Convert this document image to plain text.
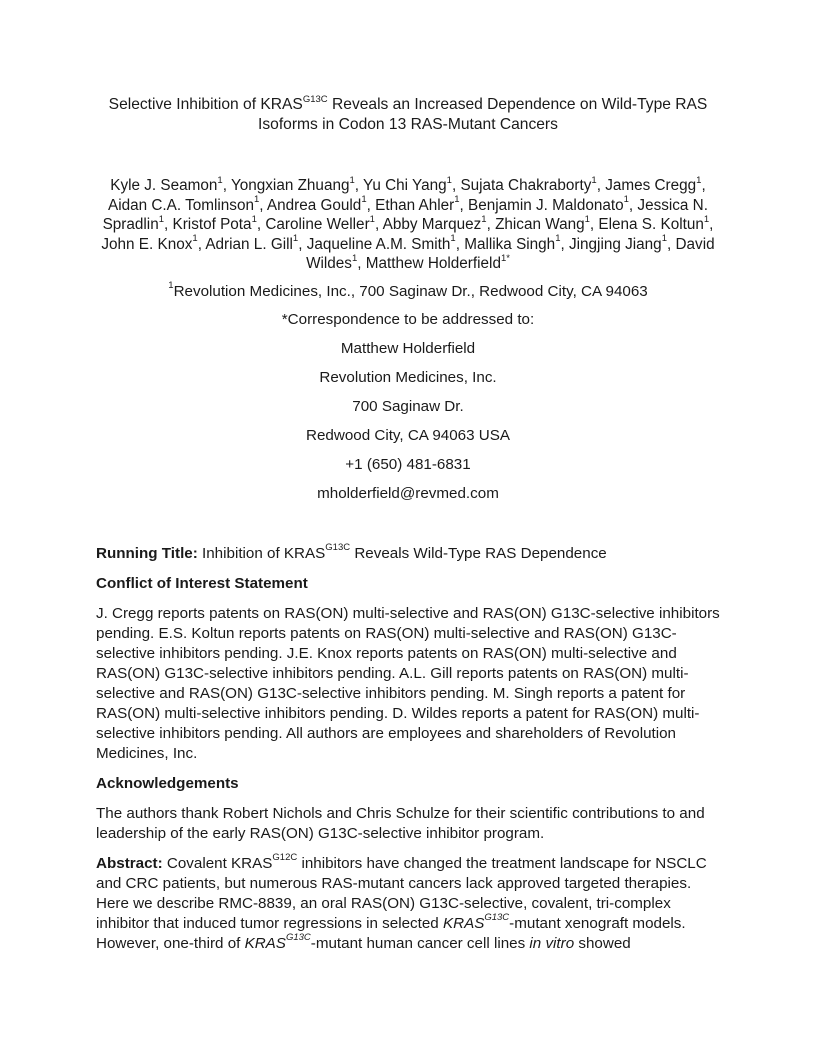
Selective Inhibition of $KRAS^{G13C}$ Reveals an Increased Dependence on Wild-Type RAS Isoforms in Codon 13 RAS-Mutant Cancers

Kyle J. Seamon$^1$, Yongxian Zhuang$^1$, Yu Chi Yang$^1$, Sujata Chakraborty$^1$, James Cregg$^1$, Aidan C.A. Tomlinson$^1$, Andrea Gould$^1$, Ethan Ahler$^1$, Benjamin J. Maldonato$^1$, Jessica N. Spradlin$^1$, Kristof Pota$^1$, Caroline Weller$^1$, Abby Marquez$^1$, Zhican Wang$^1$, Elena S. Koltun$^1$, John E. Knox$^1$, Adrian L. Gill$^1$, Jaqueline A.M. Smith$^1$, Mallika Singh$^1$, Jingjing Jiang$^1$, David Wildes$^1$, Matthew Holderfield$^{1*}$
$^1$Revolution Medicines, Inc., 700 Saginaw Dr., Redwood City, CA 94063
*Correspondence to be addressed to:
Matthew Holderfield
Revolution Medicines, Inc.
700 Saginaw Dr.
Redwood City, CA 94063 USA
+1 (650) 481-6831
mholderfield@revmed.com
Running Title: Inhibition of $KRAS^{G13C}$ Reveals Wild-Type RAS Dependence
Conflict of Interest Statement
J. Cregg reports patents on RAS(ON) multi-selective and RAS(ON) G13C-selective inhibitors pending. E.S. Koltun reports patents on RAS(ON) multi-selective and RAS(ON) G13C-selective inhibitors pending. J.E. Knox reports patents on RAS(ON) multi-selective and RAS(ON) G13C-selective inhibitors pending. A.L. Gill reports patents on RAS(ON) multi-selective and RAS(ON) G13C-selective inhibitors pending. M. Singh reports a patent for RAS(ON) multi-selective inhibitors pending. D. Wildes reports a patent for RAS(ON) multi-selective inhibitors pending. All authors are employees and shareholders of Revolution Medicines, Inc.
Acknowledgements
The authors thank Robert Nichols and Chris Schulze for their scientific contributions to and leadership of the early RAS(ON) G13C-selective inhibitor program.
Abstract: Covalent $KRAS^{G12C}$ inhibitors have changed the treatment landscape for NSCLC and CRC patients, but numerous RAS-mutant cancers lack approved targeted therapies. Here we describe RMC-8839, an oral RAS(ON) G13C-selective, covalent, tri-complex inhibitor that induced tumor regressions in selected $KRAS^{G13C}$-mutant xenograft models. However, one-third of $KRAS^{G13C}$-mutant human cancer cell lines in vitro showed
